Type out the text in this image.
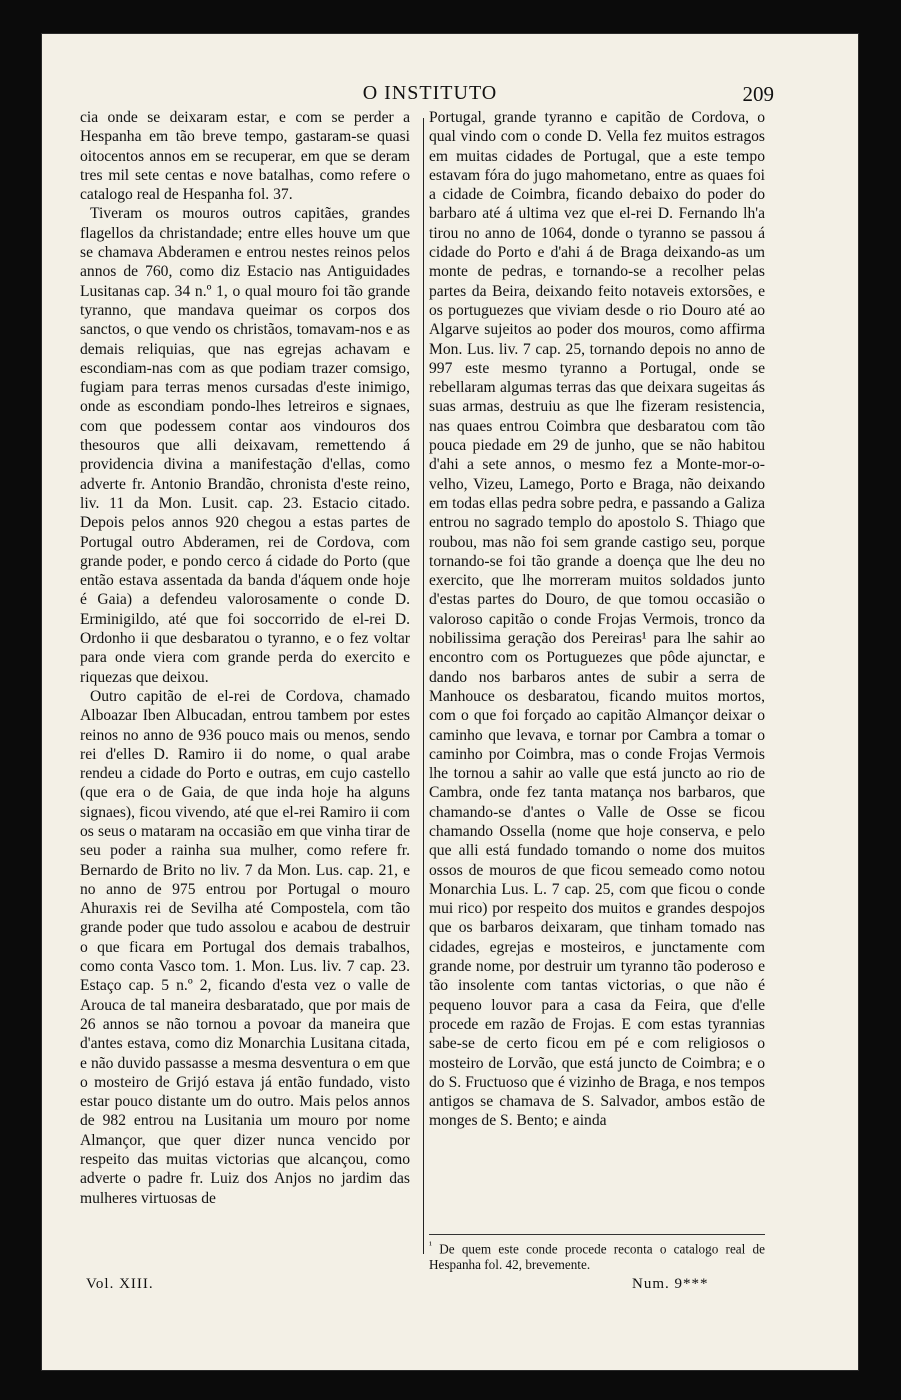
O INSTITUTO	209

cia onde se deixaram estar, e com se perder a Hespanha em tão breve tempo, gastaram-se quasi oitocentos annos em se recuperar, em que se deram tres mil sete centas e nove batalhas, como refere o catalogo real de Hespanha fol. 37.

Tiveram os mouros outros capitães, grandes flagellos da christandade; entre elles houve um que se chamava Abderamen e entrou nestes reinos pelos annos de 760, como diz Estacio nas Antiguidades Lusitanas cap. 34 n.º 1, o qual mouro foi tão grande tyranno, que mandava queimar os corpos dos sanctos, o que vendo os christãos, tomavam-nos e as demais reliquias, que nas egrejas achavam e escondiam-nas com as que podiam trazer comsigo, fugiam para terras menos cursadas d'este inimigo, onde as escondiam pondo-lhes letreiros e signaes, com que podessem contar aos vindouros dos thesouros que alli deixavam, remettendo á providencia divina a manifestação d'ellas, como adverte fr. Antonio Brandão, chronista d'este reino, liv. 11 da Mon. Lusit. cap. 23. Estacio citado. Depois pelos annos 920 chegou a estas partes de Portugal outro Abderamen, rei de Cordova, com grande poder, e pondo cerco á cidade do Porto (que então estava assentada da banda d'áquem onde hoje é Gaia) a defendeu valorosamente o conde D. Erminigildo, até que foi soccorrido de el-rei D. Ordonho ii que desbaratou o tyranno, e o fez voltar para onde viera com grande perda do exercito e riquezas que deixou.

Outro capitão de el-rei de Cordova, chamado Alboazar Iben Albucadan, entrou tambem por estes reinos no anno de 936 pouco mais ou menos, sendo rei d'elles D. Ramiro ii do nome, o qual arabe rendeu a cidade do Porto e outras, em cujo castello (que era o de Gaia, de que inda hoje ha alguns signaes), ficou vivendo, até que el-rei Ramiro ii com os seus o mataram na occasião em que vinha tirar de seu poder a rainha sua mulher, como refere fr. Bernardo de Brito no liv. 7 da Mon. Lus. cap. 21, e no anno de 975 entrou por Portugal o mouro Ahuraxis rei de Sevilha até Compostela, com tão grande poder que tudo assolou e acabou de destruir o que ficara em Portugal dos demais trabalhos, como conta Vasco tom. 1. Mon. Lus. liv. 7 cap. 23. Estaço cap. 5 n.º 2, ficando d'esta vez o valle de Arouca de tal maneira desbaratado, que por mais de 26 annos se não tornou a povoar da maneira que d'antes estava, como diz Monarchia Lusitana citada, e não duvido passasse a mesma desventura o em que o mosteiro de Grijó estava já então fundado, visto estar pouco distante um do outro. Mais pelos annos de 982 entrou na Lusitania um mouro por nome Almançor, que quer dizer nunca vencido por respeito das muitas victorias que alcançou, como adverte o padre fr. Luiz dos Anjos no jardim das mulheres virtuosas de

Portugal, grande tyranno e capitão de Cordova, o qual vindo com o conde D. Vella fez muitos estragos em muitas cidades de Portugal, que a este tempo estavam fóra do jugo mahometano, entre as quaes foi a cidade de Coimbra, ficando debaixo do poder do barbaro até á ultima vez que el-rei D. Fernando lh'a tirou no anno de 1064, donde o tyranno se passou á cidade do Porto e d'ahi á de Braga deixando-as um monte de pedras, e tornando-se a recolher pelas partes da Beira, deixando feito notaveis extorsões, e os portuguezes que viviam desde o rio Douro até ao Algarve sujeitos ao poder dos mouros, como affirma Mon. Lus. liv. 7 cap. 25, tornando depois no anno de 997 este mesmo tyranno a Portugal, onde se rebellaram algumas terras das que deixara sugeitas ás suas armas, destruiu as que lhe fizeram resistencia, nas quaes entrou Coimbra que desbaratou com tão pouca piedade em 29 de junho, que se não habitou d'ahi a sete annos, o mesmo fez a Monte-mor-o-velho, Vizeu, Lamego, Porto e Braga, não deixando em todas ellas pedra sobre pedra, e passando a Galiza entrou no sagrado templo do apostolo S. Thiago que roubou, mas não foi sem grande castigo seu, porque tornando-se foi tão grande a doença que lhe deu no exercito, que lhe morreram muitos soldados junto d'estas partes do Douro, de que tomou occasião o valoroso capitão o conde Frojas Vermois, tronco da nobilissima geração dos Pereiras¹ para lhe sahir ao encontro com os Portuguezes que pôde ajunctar, e dando nos barbaros antes de subir a serra de Manhouce os desbaratou, ficando muitos mortos, com o que foi forçado ao capitão Almançor deixar o caminho que levava, e tornar por Cambra a tomar o caminho por Coimbra, mas o conde Frojas Vermois lhe tornou a sahir ao valle que está juncto ao rio de Cambra, onde fez tanta matança nos barbaros, que chamando-se d'antes o Valle de Osse se ficou chamando Ossella (nome que hoje conserva, e pelo que alli está fundado tomando o nome dos muitos ossos de mouros de que ficou semeado como notou Monarchia Lus. L. 7 cap. 25, com que ficou o conde mui rico) por respeito dos muitos e grandes despojos que os barbaros deixaram, que tinham tomado nas cidades, egrejas e mosteiros, e junctamente com grande nome, por destruir um tyranno tão poderoso e tão insolente com tantas victorias, o que não é pequeno louvor para a casa da Feira, que d'elle procede em razão de Frojas. E com estas tyrannias sabe-se de certo ficou em pé e com religiosos o mosteiro de Lorvão, que está juncto de Coimbra; e o do S. Fructuoso que é vizinho de Braga, e nos tempos antigos se chamava de S. Salvador, ambos estão de monges de S. Bento; e ainda

$^{^1}$ De quem este conde procede reconta o catalogo real de Hespanha fol. 42, brevemente.
Vol. XIII.	Num. 9***
